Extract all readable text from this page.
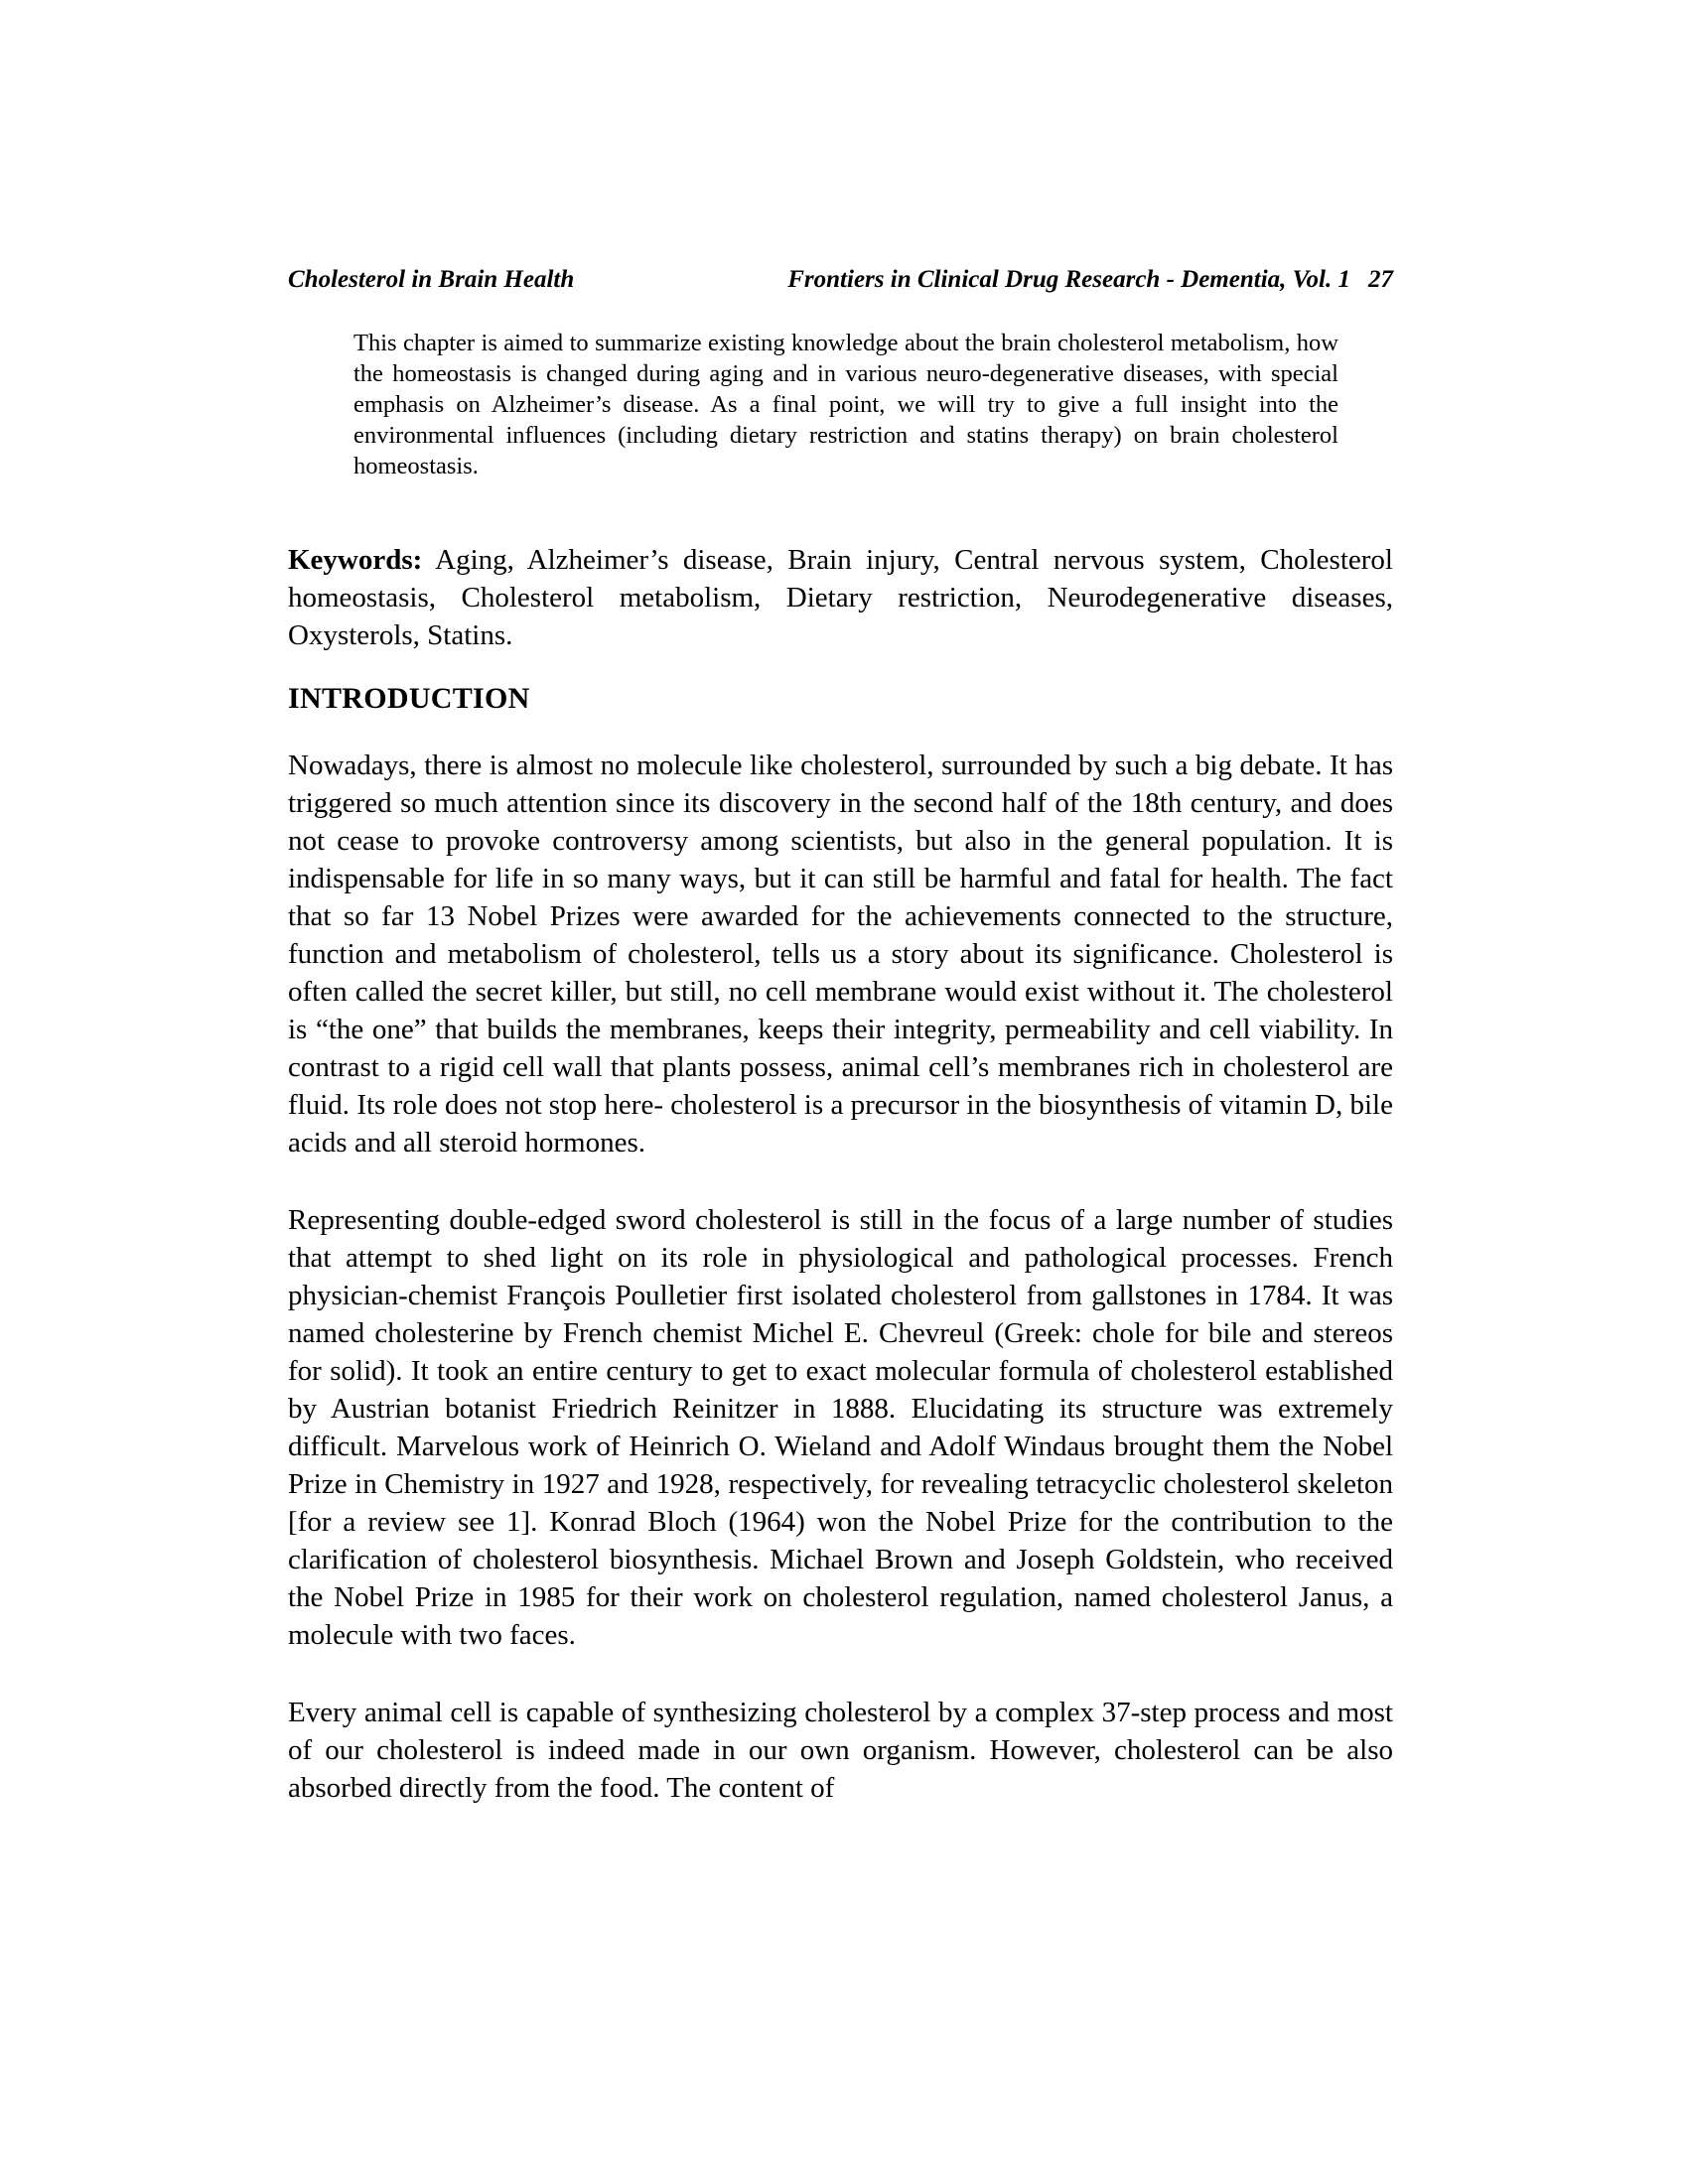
Cholesterol in Brain Health	Frontiers in Clinical Drug Research - Dementia, Vol. 1 27
This chapter is aimed to summarize existing knowledge about the brain cholesterol metabolism, how the homeostasis is changed during aging and in various neuro-degenerative diseases, with special emphasis on Alzheimer’s disease. As a final point, we will try to give a full insight into the environmental influences (including dietary restriction and statins therapy) on brain cholesterol homeostasis.

Keywords: Aging, Alzheimer’s disease, Brain injury, Central nervous system, Cholesterol homeostasis, Cholesterol metabolism, Dietary restriction, Neurodegenerative diseases, Oxysterols, Statins.

INTRODUCTION

Nowadays, there is almost no molecule like cholesterol, surrounded by such a big debate. It has triggered so much attention since its discovery in the second half of the 18th century, and does not cease to provoke controversy among scientists, but also in the general population. It is indispensable for life in so many ways, but it can still be harmful and fatal for health. The fact that so far 13 Nobel Prizes were awarded for the achievements connected to the structure, function and metabolism of cholesterol, tells us a story about its significance. Cholesterol is often called the secret killer, but still, no cell membrane would exist without it. The cholesterol is “the one” that builds the membranes, keeps their integrity, permeability and cell viability. In contrast to a rigid cell wall that plants possess, animal cell’s membranes rich in cholesterol are fluid. Its role does not stop here- cholesterol is a precursor in the biosynthesis of vitamin D, bile acids and all steroid hormones.

Representing double-edged sword cholesterol is still in the focus of a large number of studies that attempt to shed light on its role in physiological and pathological processes. French physician-chemist François Poulletier first isolated cholesterol from gallstones in 1784. It was named cholesterine by French chemist Michel E. Chevreul (Greek: chole for bile and stereos for solid). It took an entire century to get to exact molecular formula of cholesterol established by Austrian botanist Friedrich Reinitzer in 1888. Elucidating its structure was extremely difficult. Marvelous work of Heinrich O. Wieland and Adolf Windaus brought them the Nobel Prize in Chemistry in 1927 and 1928, respectively, for revealing tetracyclic cholesterol skeleton [for a review see 1]. Konrad Bloch (1964) won the Nobel Prize for the contribution to the clarification of cholesterol biosynthesis. Michael Brown and Joseph Goldstein, who received the Nobel Prize in 1985 for their work on cholesterol regulation, named cholesterol Janus, a molecule with two faces.

Every animal cell is capable of synthesizing cholesterol by a complex 37-step process and most of our cholesterol is indeed made in our own organism. However, cholesterol can be also absorbed directly from the food. The content of
